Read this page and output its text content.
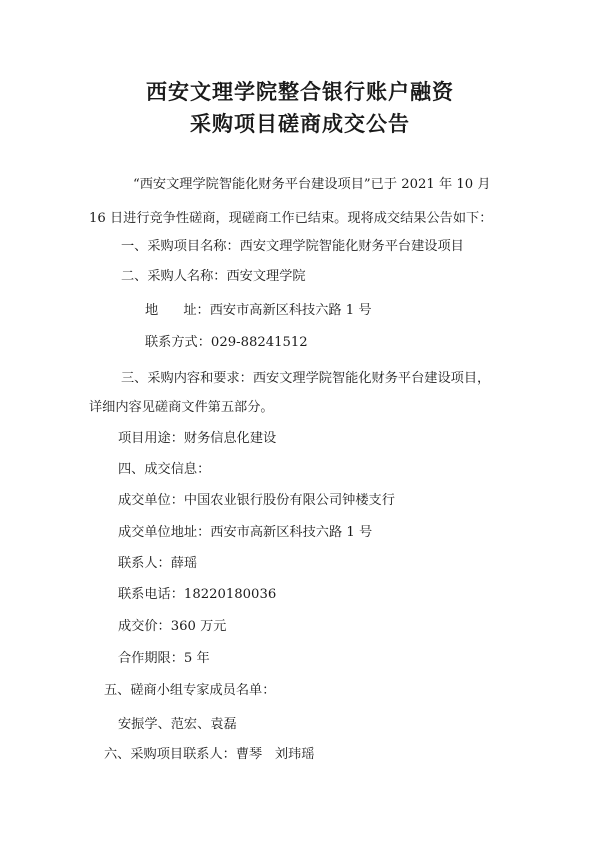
西安文理学院整合银行账户融资
采购项目磋商成交公告
“西安文理学院智能化财务平台建设项目”已于 2021 年 10 月
16 日进行竞争性磋商，现磋商工作已结束。现将成交结果公告如下：
一、采购项目名称：西安文理学院智能化财务平台建设项目
二、采购人名称：西安文理学院
地      址：西安市高新区科技六路 1 号
联系方式：029-88241512
三、采购内容和要求：西安文理学院智能化财务平台建设项目，
详细内容见磋商文件第五部分。
项目用途：财务信息化建设
四、成交信息：
成交单位：中国农业银行股份有限公司钟楼支行
成交单位地址：西安市高新区科技六路 1 号
联系人：薛瑶
联系电话：18220180036
成交价：360 万元
合作期限：5 年
五、磋商小组专家成员名单：
安振学、范宏、袁磊
六、采购项目联系人：曹琴   刘玮瑶
